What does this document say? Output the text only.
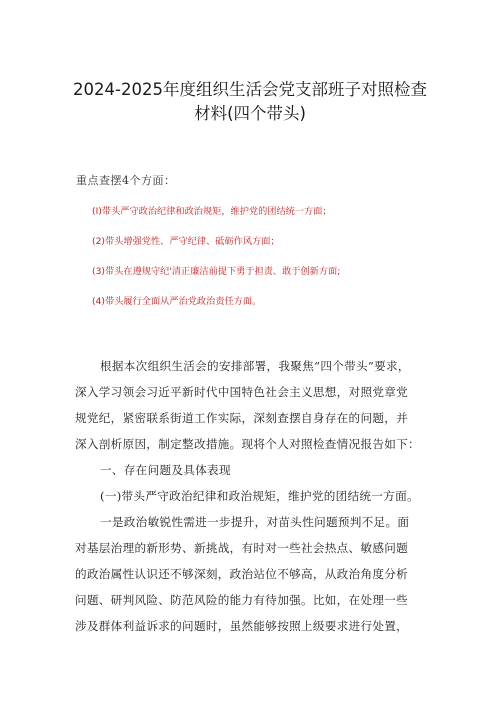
2024-2025年度组织生活会党支部班子对照检查
材料(四个带头)
重点查摆4个方面：
(I)带头严守政治纪律和政治规矩，维护党的团结统一方面；
(2)带头增强党性、严守纪律、砥砺作风方面；
(3)带头在遵规守纪'清正廉洁前提下勇于担责、敢于创新方面;
(4)带头履行全面从严治党政治责任方面。
根据本次组织生活会的安排部署，我聚焦“四个带头”要求，
深入学习领会习近平新时代中国特色社会主义思想，对照党章党
规党纪，紧密联系街道工作实际，深刻查摆自身存在的问题，并
深入剖析原因，制定整改措施。现将个人对照检查情况报告如下：
一、存在问题及具体表现
(一)带头严守政治纪律和政治规矩，维护党的团结统一方面。
一是政治敏锐性需进一步提升，对苗头性问题预判不足。面
对基层治理的新形势、新挑战，有时对一些社会热点、敏感问题
的政治属性认识还不够深刻，政治站位不够高，从政治角度分析
问题、研判风险、防范风险的能力有待加强。比如，在处理一些
涉及群体利益诉求的问题时，虽然能够按照上级要求进行处置，
